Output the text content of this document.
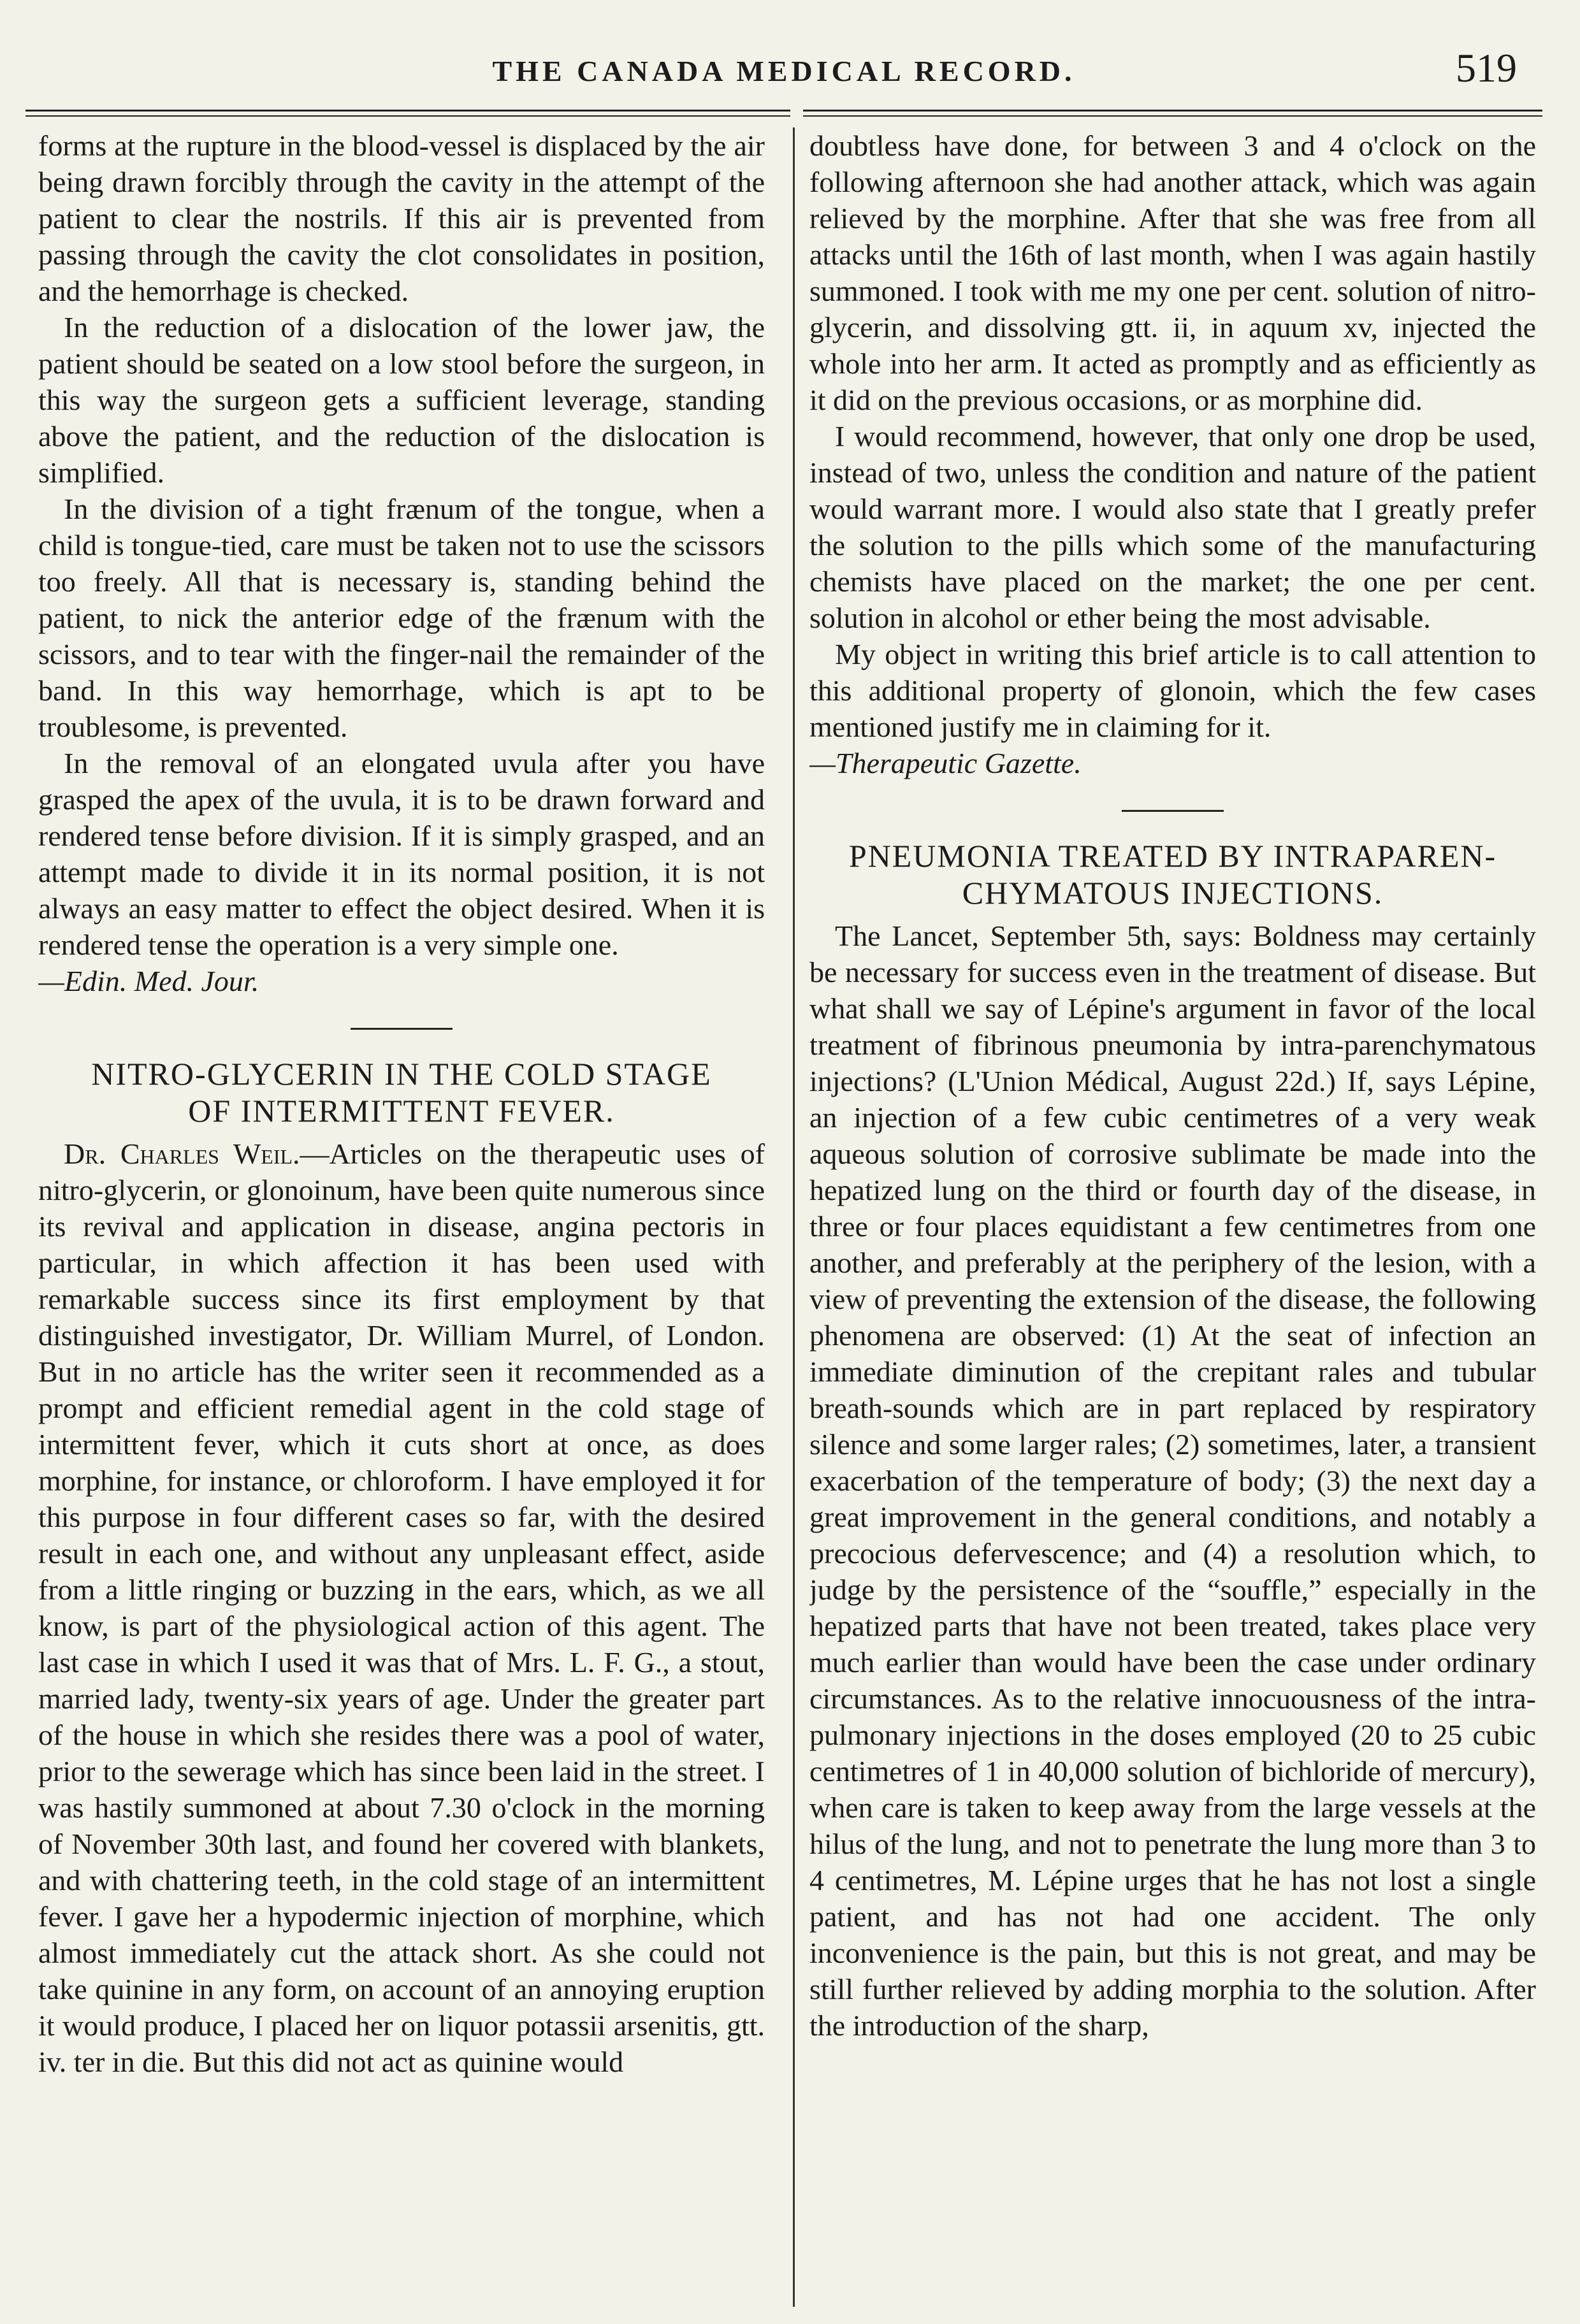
THE CANADA MEDICAL RECORD.	519

forms at the rupture in the blood-vessel is displaced by the air being drawn forcibly through the cavity in the attempt of the patient to clear the nostrils. If this air is prevented from passing through the cavity the clot consolidates in position, and the hemorrhage is checked.

In the reduction of a dislocation of the lower jaw, the patient should be seated on a low stool before the surgeon, in this way the surgeon gets a sufficient leverage, standing above the patient, and the reduction of the dislocation is simplified.

In the division of a tight frænum of the tongue, when a child is tongue-tied, care must be taken not to use the scissors too freely. All that is necessary is, standing behind the patient, to nick the anterior edge of the frænum with the scissors, and to tear with the finger-nail the remainder of the band. In this way hemorrhage, which is apt to be troublesome, is prevented.

In the removal of an elongated uvula after you have grasped the apex of the uvula, it is to be drawn forward and rendered tense before division. If it is simply grasped, and an attempt made to divide it in its normal position, it is not always an easy matter to effect the object desired. When it is rendered tense the operation is a very simple one.

—Edin. Med. Jour.

NITRO-GLYCERIN IN THE COLD STAGE
OF INTERMITTENT FEVER.

Dr. Charles Weil.—Articles on the therapeutic uses of nitro-glycerin, or glonoinum, have been quite numerous since its revival and application in disease, angina pectoris in particular, in which affection it has been used with remarkable success since its first employment by that distinguished investigator, Dr. William Murrel, of London. But in no article has the writer seen it recommended as a prompt and efficient remedial agent in the cold stage of intermittent fever, which it cuts short at once, as does morphine, for instance, or chloroform. I have employed it for this purpose in four different cases so far, with the desired result in each one, and without any unpleasant effect, aside from a little ringing or buzzing in the ears, which, as we all know, is part of the physiological action of this agent. The last case in which I used it was that of Mrs. L. F. G., a stout, married lady, twenty-six years of age. Under the greater part of the house in which she resides there was a pool of water, prior to the sewerage which has since been laid in the street. I was hastily summoned at about 7.30 o'clock in the morning of November 30th last, and found her covered with blankets, and with chattering teeth, in the cold stage of an intermittent fever. I gave her a hypodermic injection of morphine, which almost immediately cut the attack short. As she could not take quinine in any form, on account of an annoying eruption it would produce, I placed her on liquor potassii arsenitis, gtt. iv. ter in die. But this did not act as quinine would

doubtless have done, for between 3 and 4 o'clock on the following afternoon she had another attack, which was again relieved by the morphine. After that she was free from all attacks until the 16th of last month, when I was again hastily summoned. I took with me my one per cent. solution of nitro-glycerin, and dissolving gtt. ii, in aquum xv, injected the whole into her arm. It acted as promptly and as efficiently as it did on the previous occasions, or as morphine did.

I would recommend, however, that only one drop be used, instead of two, unless the condition and nature of the patient would warrant more. I would also state that I greatly prefer the solution to the pills which some of the manufacturing chemists have placed on the market; the one per cent. solution in alcohol or ether being the most advisable.

My object in writing this brief article is to call attention to this additional property of glonoin, which the few cases mentioned justify me in claiming for it.

—Therapeutic Gazette.

PNEUMONIA TREATED BY INTRAPAREN-
CHYMATOUS INJECTIONS.

The Lancet, September 5th, says: Boldness may certainly be necessary for success even in the treatment of disease. But what shall we say of Lépine's argument in favor of the local treatment of fibrinous pneumonia by intra-parenchymatous injections? (L'Union Médical, August 22d.) If, says Lépine, an injection of a few cubic centimetres of a very weak aqueous solution of corrosive sublimate be made into the hepatized lung on the third or fourth day of the disease, in three or four places equidistant a few centimetres from one another, and preferably at the periphery of the lesion, with a view of preventing the extension of the disease, the following phenomena are observed: (1) At the seat of infection an immediate diminution of the crepitant rales and tubular breath-sounds which are in part replaced by respiratory silence and some larger rales; (2) sometimes, later, a transient exacerbation of the temperature of body; (3) the next day a great improvement in the general conditions, and notably a precocious defervescence; and (4) a resolution which, to judge by the persistence of the “souffle,” especially in the hepatized parts that have not been treated, takes place very much earlier than would have been the case under ordinary circumstances. As to the relative innocuousness of the intra-pulmonary injections in the doses employed (20 to 25 cubic centimetres of 1 in 40,000 solution of bichloride of mercury), when care is taken to keep away from the large vessels at the hilus of the lung, and not to penetrate the lung more than 3 to 4 centimetres, M. Lépine urges that he has not lost a single patient, and has not had one accident. The only inconvenience is the pain, but this is not great, and may be still further relieved by adding morphia to the solution. After the introduction of the sharp,
